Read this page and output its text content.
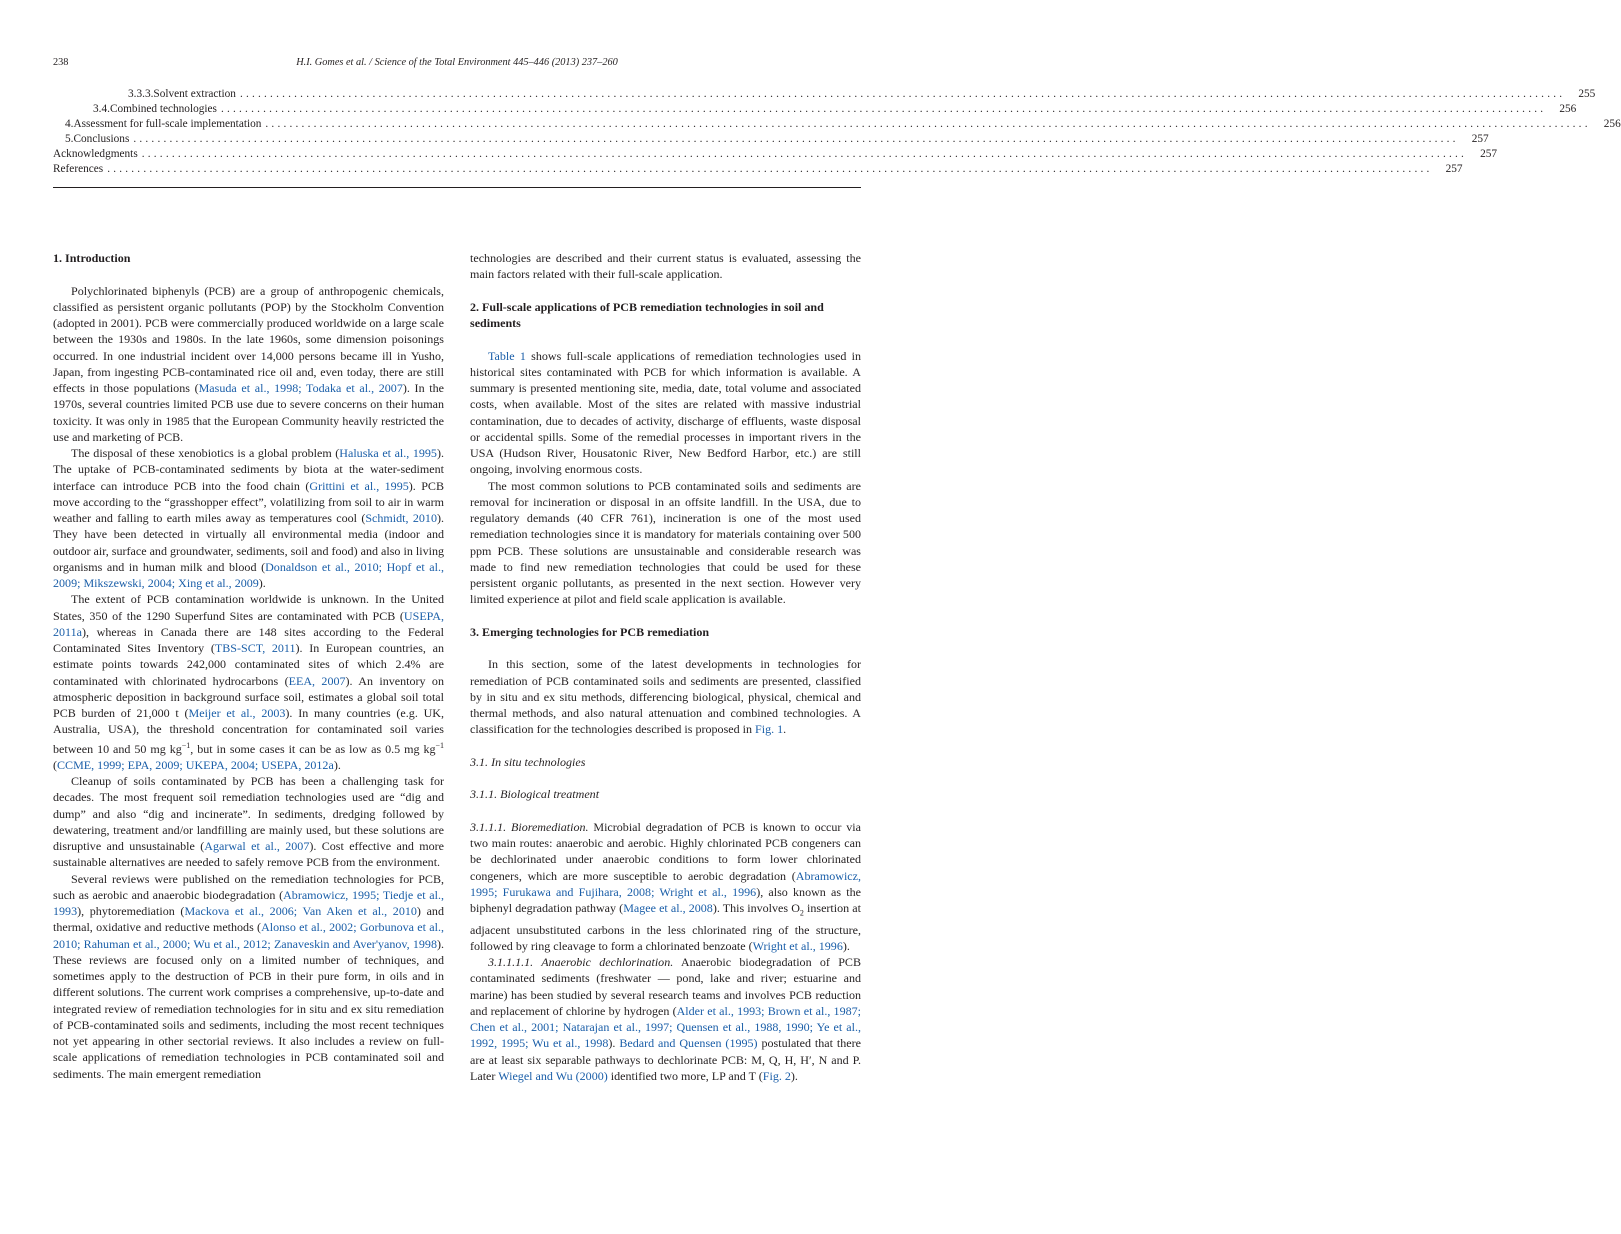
238	H.I. Gomes et al. / Science of the Total Environment 445–446 (2013) 237–260
3.3.3. Solvent extraction ............................................................................................................................................................................................................................	255
3.4. Combined technologies ............................................................................................................................................................................................................................	256
4. Assessment for full-scale implementation ............................................................................................................................................................................................................................	256
5. Conclusions ............................................................................................................................................................................................................................	257
Acknowledgments ............................................................................................................................................................................................................................	257
References ............................................................................................................................................................................................................................	257
1. Introduction

Polychlorinated biphenyls (PCB) are a group of anthropogenic chemicals, classified as persistent organic pollutants (POP) by the Stockholm Convention (adopted in 2001). PCB were commercially produced worldwide on a large scale between the 1930s and 1980s. In the late 1960s, some dimension poisonings occurred. In one industrial incident over 14,000 persons became ill in Yusho, Japan, from ingesting PCB-contaminated rice oil and, even today, there are still effects in those populations (Masuda et al., 1998; Todaka et al., 2007). In the 1970s, several countries limited PCB use due to severe concerns on their human toxicity. It was only in 1985 that the European Community heavily restricted the use and marketing of PCB.

The disposal of these xenobiotics is a global problem (Haluska et al., 1995). The uptake of PCB-contaminated sediments by biota at the water-sediment interface can introduce PCB into the food chain (Grittini et al., 1995). PCB move according to the “grasshopper effect”, volatilizing from soil to air in warm weather and falling to earth miles away as temperatures cool (Schmidt, 2010). They have been detected in virtually all environmental media (indoor and outdoor air, surface and groundwater, sediments, soil and food) and also in living organisms and in human milk and blood (Donaldson et al., 2010; Hopf et al., 2009; Mikszewski, 2004; Xing et al., 2009).

The extent of PCB contamination worldwide is unknown. In the United States, 350 of the 1290 Superfund Sites are contaminated with PCB (USEPA, 2011a), whereas in Canada there are 148 sites according to the Federal Contaminated Sites Inventory (TBS-SCT, 2011). In European countries, an estimate points towards 242,000 contaminated sites of which 2.4% are contaminated with chlorinated hydrocarbons (EEA, 2007). An inventory on atmospheric deposition in background surface soil, estimates a global soil total PCB burden of 21,000 t (Meijer et al., 2003). In many countries (e.g. UK, Australia, USA), the threshold concentration for contaminated soil varies between 10 and 50 mg $kg^{-1}$, but in some cases it can be as low as 0.5 mg $kg^{-1}$ (CCME, 1999; EPA, 2009; UKEPA, 2004; USEPA, 2012a).

Cleanup of soils contaminated by PCB has been a challenging task for decades. The most frequent soil remediation technologies used are “dig and dump” and also “dig and incinerate”. In sediments, dredging followed by dewatering, treatment and/or landfilling are mainly used, but these solutions are disruptive and unsustainable (Agarwal et al., 2007). Cost effective and more sustainable alternatives are needed to safely remove PCB from the environment.

Several reviews were published on the remediation technologies for PCB, such as aerobic and anaerobic biodegradation (Abramowicz, 1995; Tiedje et al., 1993), phytoremediation (Mackova et al., 2006; Van Aken et al., 2010) and thermal, oxidative and reductive methods (Alonso et al., 2002; Gorbunova et al., 2010; Rahuman et al., 2000; Wu et al., 2012; Zanaveskin and Aver'yanov, 1998). These reviews are focused only on a limited number of techniques, and sometimes apply to the destruction of PCB in their pure form, in oils and in different solutions. The current work comprises a comprehensive, up-to-date and integrated review of remediation technologies for in situ and ex situ remediation of PCB-contaminated soils and sediments, including the most recent techniques not yet appearing in other sectorial reviews. It also includes a review on full-scale applications of remediation technologies in PCB contaminated soil and sediments. The main emergent remediation

technologies are described and their current status is evaluated, assessing the main factors related with their full-scale application.

2. Full-scale applications of PCB remediation technologies in soil and sediments

Table 1 shows full-scale applications of remediation technologies used in historical sites contaminated with PCB for which information is available. A summary is presented mentioning site, media, date, total volume and associated costs, when available. Most of the sites are related with massive industrial contamination, due to decades of activity, discharge of effluents, waste disposal or accidental spills. Some of the remedial processes in important rivers in the USA (Hudson River, Housatonic River, New Bedford Harbor, etc.) are still ongoing, involving enormous costs.

The most common solutions to PCB contaminated soils and sediments are removal for incineration or disposal in an offsite landfill. In the USA, due to regulatory demands (40 CFR 761), incineration is one of the most used remediation technologies since it is mandatory for materials containing over 500 ppm PCB. These solutions are unsustainable and considerable research was made to find new remediation technologies that could be used for these persistent organic pollutants, as presented in the next section. However very limited experience at pilot and field scale application is available.

3. Emerging technologies for PCB remediation

In this section, some of the latest developments in technologies for remediation of PCB contaminated soils and sediments are presented, classified by in situ and ex situ methods, differencing biological, physical, chemical and thermal methods, and also natural attenuation and combined technologies. A classification for the technologies described is proposed in Fig. 1.

3.1. In situ technologies
3.1.1. Biological treatment

3.1.1.1. Bioremediation. Microbial degradation of PCB is known to occur via two main routes: anaerobic and aerobic. Highly chlorinated PCB congeners can be dechlorinated under anaerobic conditions to form lower chlorinated congeners, which are more susceptible to aerobic degradation (Abramowicz, 1995; Furukawa and Fujihara, 2008; Wright et al., 1996), also known as the biphenyl degradation pathway (Magee et al., 2008). This involves $O_2$ insertion at adjacent unsubstituted carbons in the less chlorinated ring of the structure, followed by ring cleavage to form a chlorinated benzoate (Wright et al., 1996).

3.1.1.1.1. Anaerobic dechlorination. Anaerobic biodegradation of PCB contaminated sediments (freshwater — pond, lake and river; estuarine and marine) has been studied by several research teams and involves PCB reduction and replacement of chlorine by hydrogen (Alder et al., 1993; Brown et al., 1987; Chen et al., 2001; Natarajan et al., 1997; Quensen et al., 1988, 1990; Ye et al., 1992, 1995; Wu et al., 1998). Bedard and Quensen (1995) postulated that there are at least six separable pathways to dechlorinate PCB: M, Q, H, H′, N and P. Later Wiegel and Wu (2000) identified two more, LP and T (Fig. 2).
